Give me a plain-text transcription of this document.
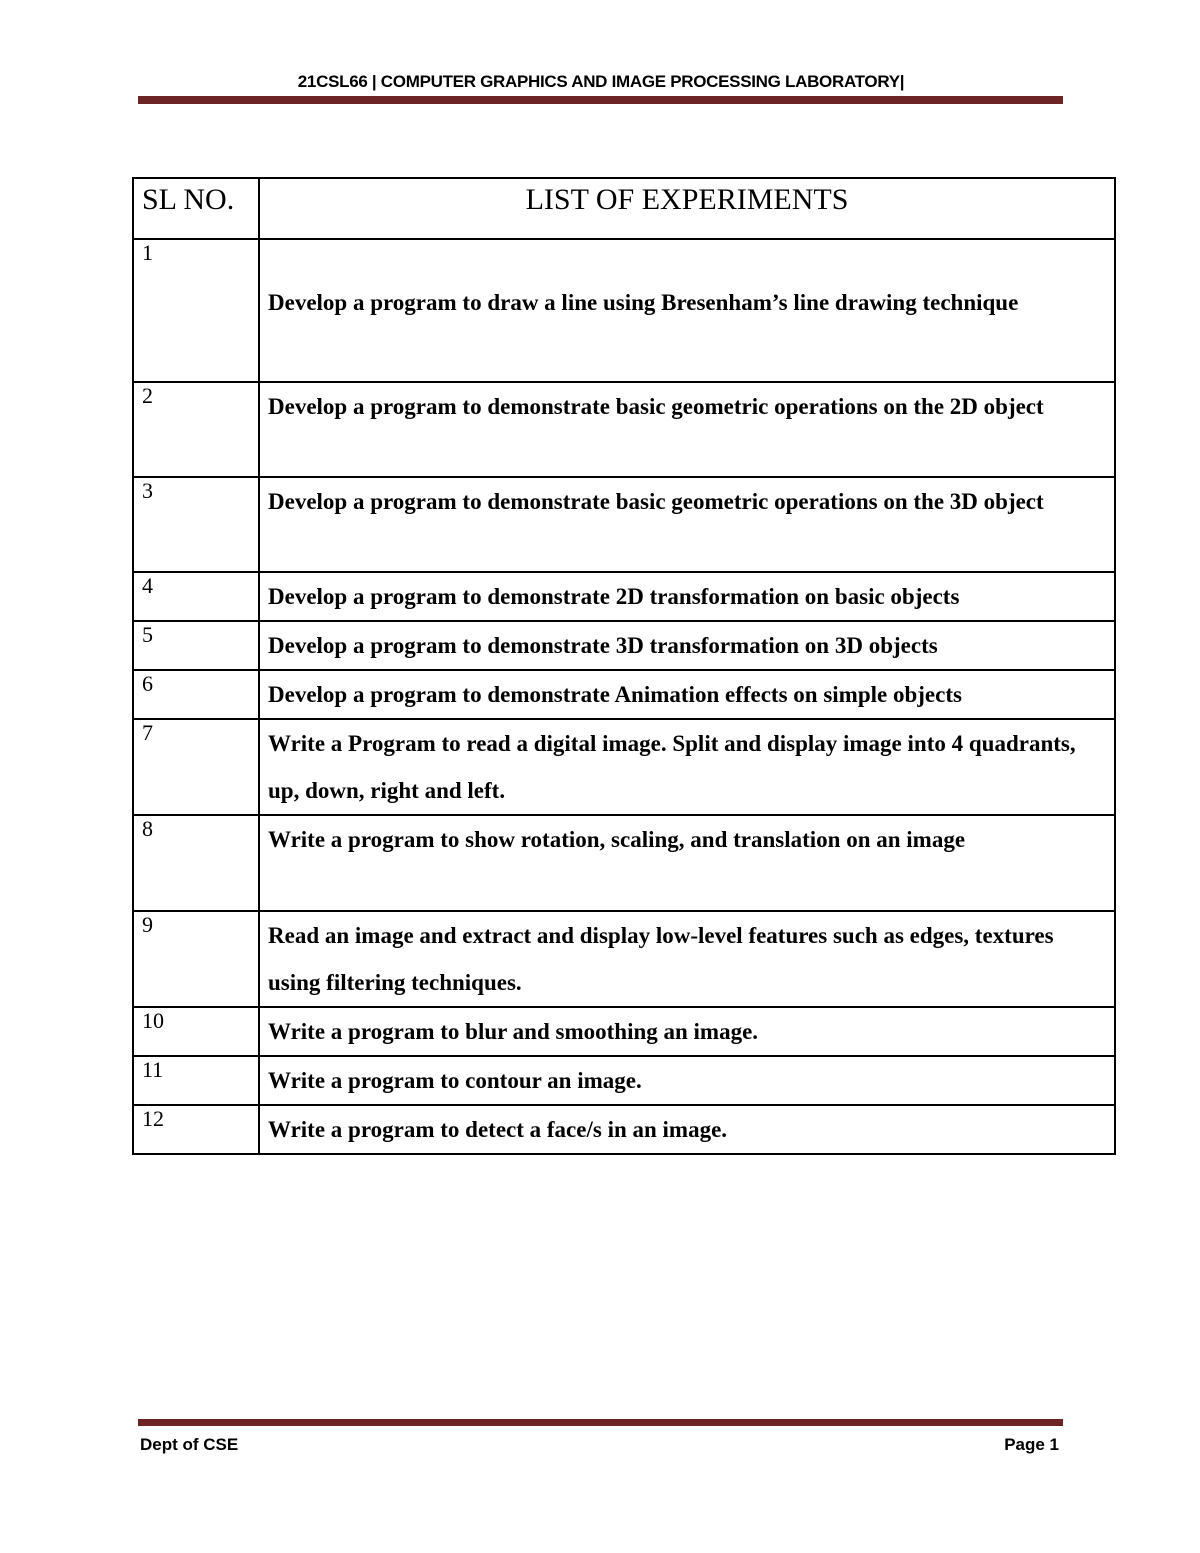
21CSL66 | COMPUTER GRAPHICS AND IMAGE PROCESSING LABORATORY|
SL NO.	LIST OF EXPERIMENTS
1	Develop a program to draw a line using Bresenham’s line drawing technique
2	Develop a program to demonstrate basic geometric operations on the 2D object
3	Develop a program to demonstrate basic geometric operations on the 3D object
4	Develop a program to demonstrate 2D transformation on basic objects
5	Develop a program to demonstrate 3D transformation on 3D objects
6	Develop a program to demonstrate Animation effects on simple objects
7	Write a Program to read a digital image. Split and display image into 4 quadrants, up, down, right and left.
8	Write a program to show rotation, scaling, and translation on an image
9	Read an image and extract and display low-level features such as edges, textures using filtering techniques.
10	Write a program to blur and smoothing an image.
11	Write a program to contour an image.
12	Write a program to detect a face/s in an image.
Dept of CSE	Page 1
